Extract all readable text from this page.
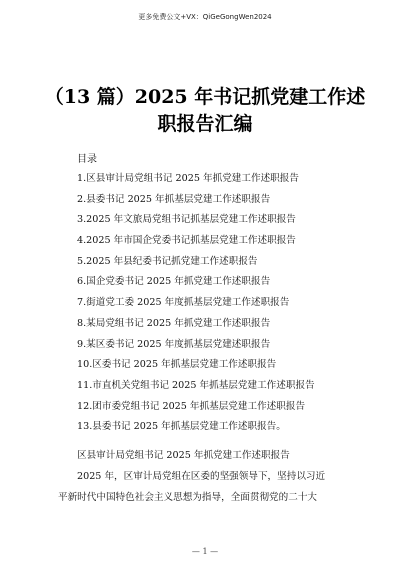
更多免费公文+VX：QiGeGongWen2024
（13 篇）2025 年书记抓党建工作述职报告汇编
目录
1.区县审计局党组书记 2025 年抓党建工作述职报告
2.县委书记 2025 年抓基层党建工作述职报告
3.2025 年文旅局党组书记抓基层党建工作述职报告
4.2025 年市国企党委书记抓基层党建工作述职报告
5.2025 年县纪委书记抓党建工作述职报告
6.国企党委书记 2025 年抓党建工作述职报告
7.街道党工委 2025 年度抓基层党建工作述职报告
8.某局党组书记 2025 年抓党建工作述职报告
9.某区委书记 2025 年度抓基层党建述职报告
10.区委书记 2025 年抓基层党建工作述职报告
11.市直机关党组书记 2025 年抓基层党建工作述职报告
12.团市委党组书记 2025 年抓基层党建工作述职报告
13.县委书记 2025 年抓基层党建工作述职报告。
区县审计局党组书记 2025 年抓党建工作述职报告
2025 年，区审计局党组在区委的坚强领导下，坚持以习近
平新时代中国特色社会主义思想为指导，全面贯彻党的二十大
— 1 —
